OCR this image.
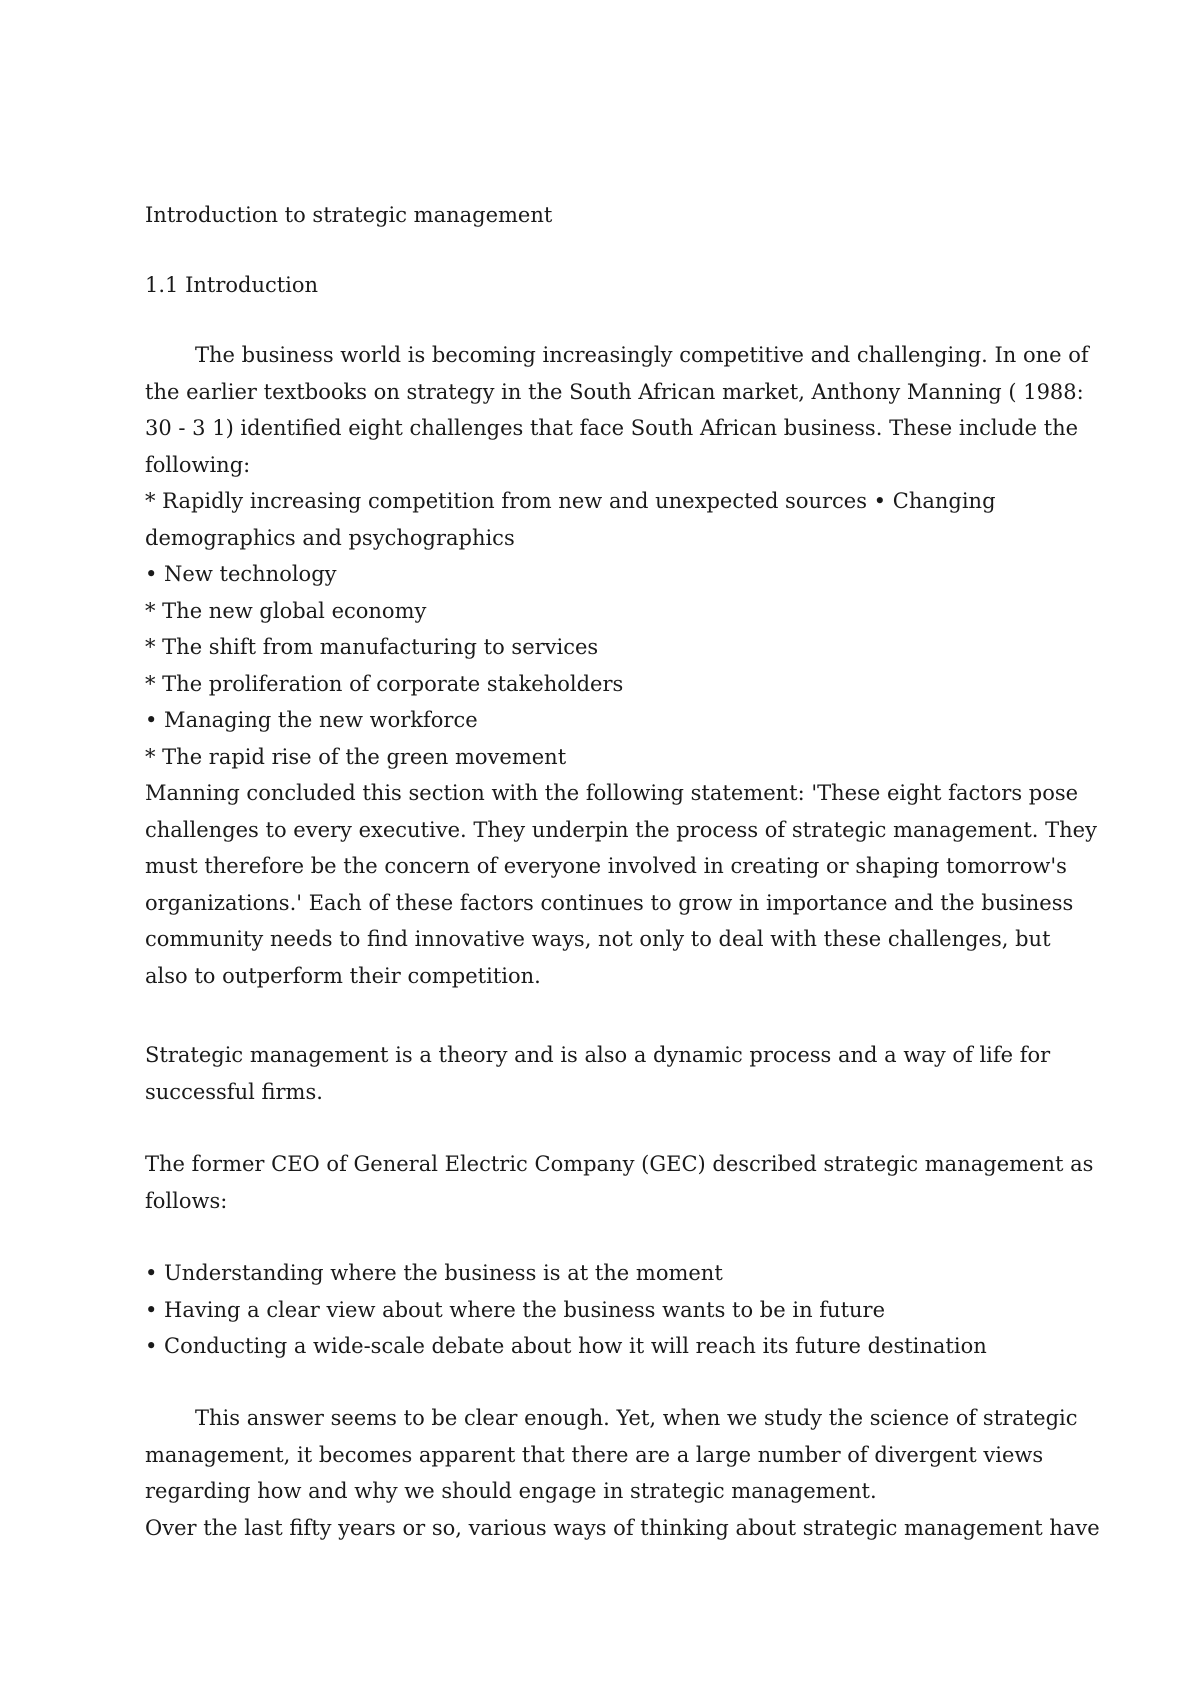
Introduction to strategic management
1.1 Introduction
The business world is becoming increasingly competitive and challenging. In one of
the earlier textbooks on strategy in the South African market, Anthony Manning ( 1988:
30 - 3 1) identified eight challenges that face South African business. These include the
following:
* Rapidly increasing competition from new and unexpected sources • Changing
demographics and psychographics
• New technology
* The new global economy
* The shift from manufacturing to services
* The proliferation of corporate stakeholders
• Managing the new workforce
* The rapid rise of the green movement
Manning concluded this section with the following statement: 'These eight factors pose
challenges to every executive. They underpin the process of strategic management. They
must therefore be the concern of everyone involved in creating or shaping tomorrow's
organizations.' Each of these factors continues to grow in importance and the business
community needs to find innovative ways, not only to deal with these challenges, but
also to outperform their competition.
Strategic management is a theory and is also a dynamic process and a way of life for
successful firms.
The former CEO of General Electric Company (GEC) described strategic management as
follows:
• Understanding where the business is at the moment
• Having a clear view about where the business wants to be in future
• Conducting a wide-scale debate about how it will reach its future destination
This answer seems to be clear enough. Yet, when we study the science of strategic
management, it becomes apparent that there are a large number of divergent views
regarding how and why we should engage in strategic management.
Over the last fifty years or so, various ways of thinking about strategic management have
